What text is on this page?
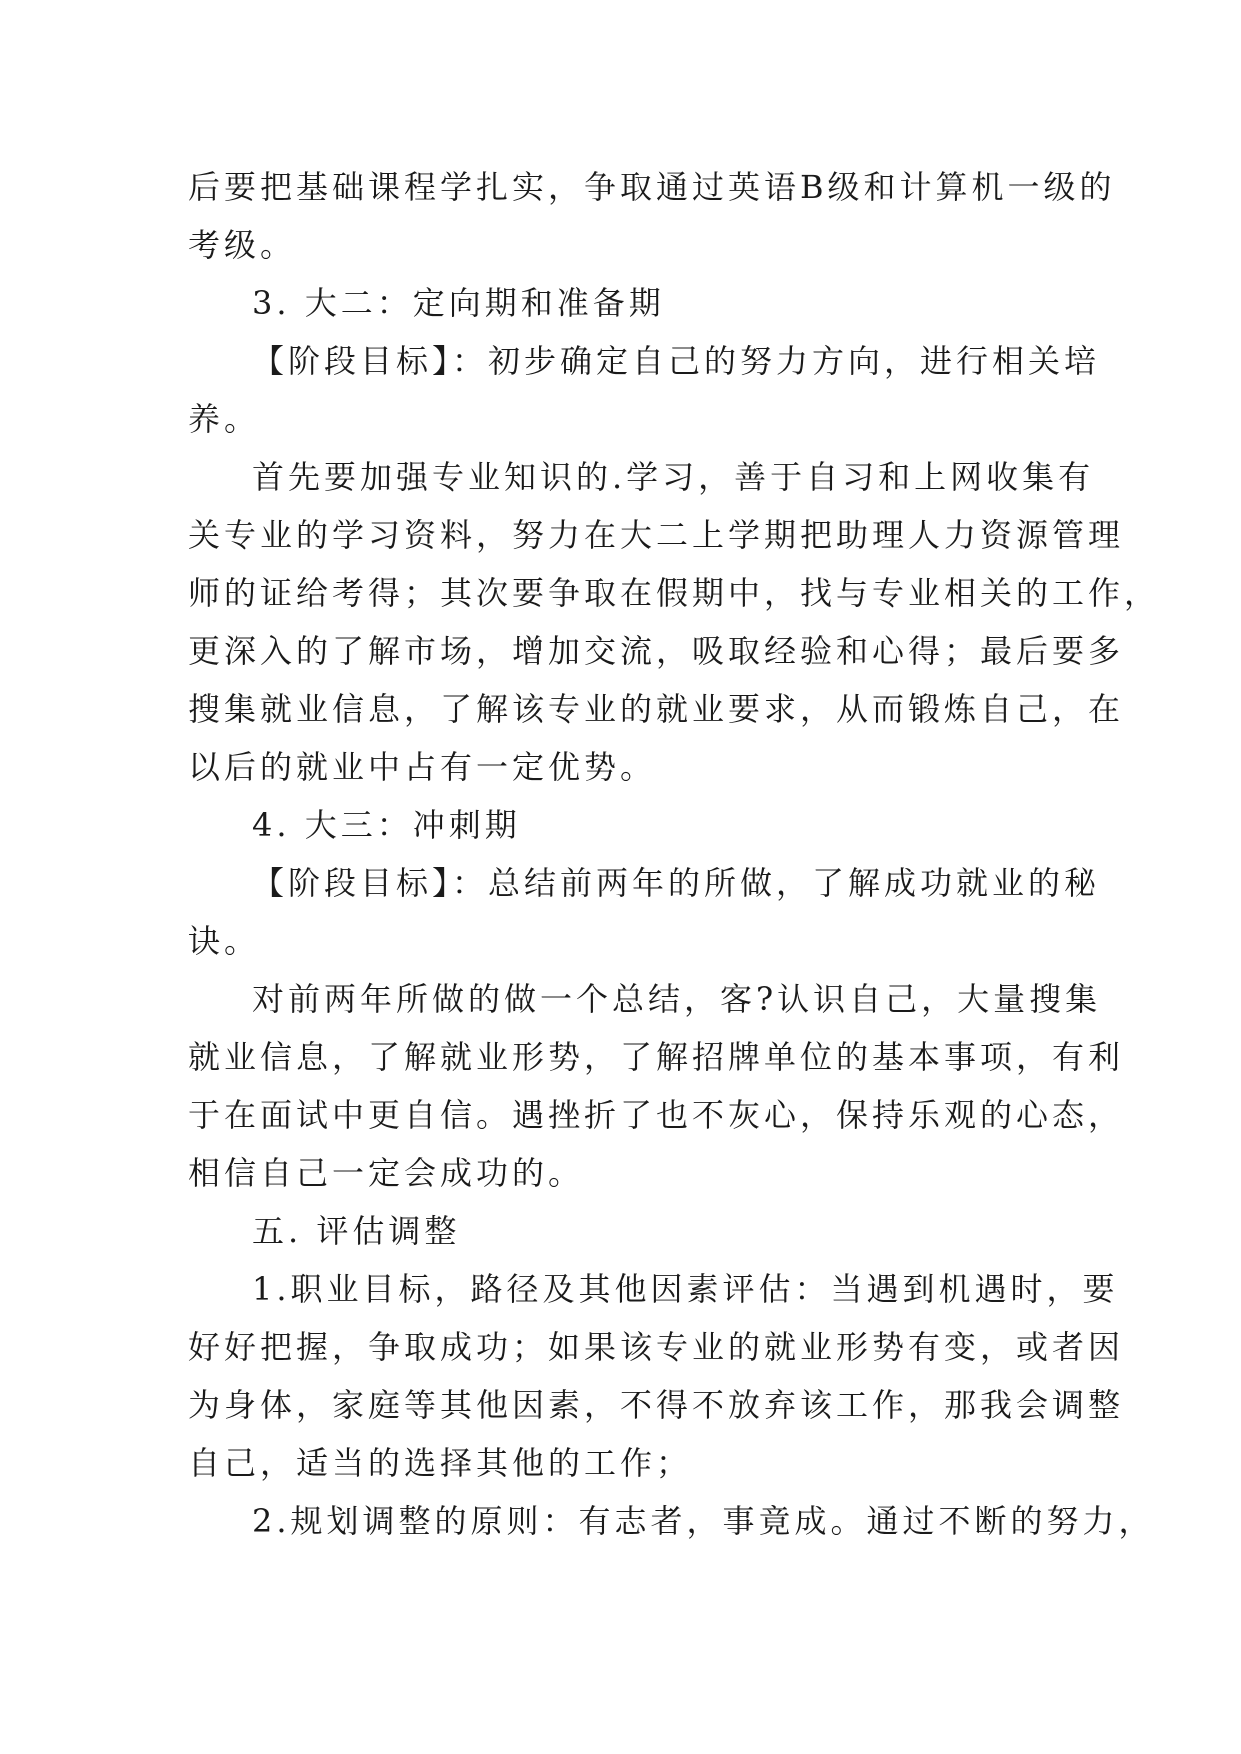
后要把基础课程学扎实，争取通过英语B级和计算机一级的
考级。
3. 大二：定向期和准备期
【阶段目标】：初步确定自己的努力方向，进行相关培
养。
首先要加强专业知识的.学习，善于自习和上网收集有
关专业的学习资料，努力在大二上学期把助理人力资源管理
师的证给考得；其次要争取在假期中，找与专业相关的工作，
更深入的了解市场，增加交流，吸取经验和心得；最后要多
搜集就业信息，了解该专业的就业要求，从而锻炼自己，在
以后的就业中占有一定优势。
4. 大三：冲刺期
【阶段目标】：总结前两年的所做，了解成功就业的秘
诀。
对前两年所做的做一个总结，客?认识自己，大量搜集
就业信息，了解就业形势，了解招牌单位的基本事项，有利
于在面试中更自信。遇挫折了也不灰心，保持乐观的心态，
相信自己一定会成功的。
五. 评估调整
1.职业目标，路径及其他因素评估：当遇到机遇时，要
好好把握，争取成功；如果该专业的就业形势有变，或者因
为身体，家庭等其他因素，不得不放弃该工作，那我会调整
自己，适当的选择其他的工作；
2.规划调整的原则：有志者，事竟成。通过不断的努力，
